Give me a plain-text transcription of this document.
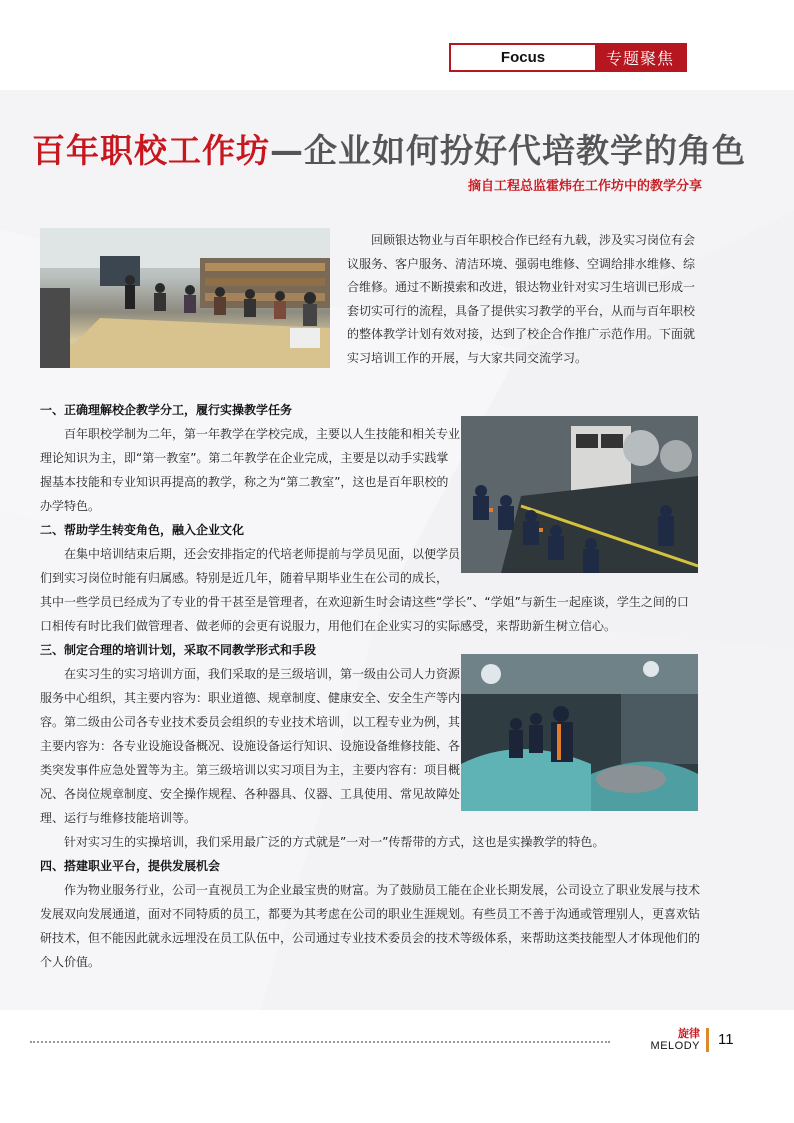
Focus	专题聚焦
百年职校工作坊—企业如何扮好代培教学的角色
摘自工程总监霍炜在工作坊中的教学分享

回顾银达物业与百年职校合作已经有九载，涉及实习岗位有会议服务、客户服务、清洁环境、强弱电维修、空调给排水维修、综合维修。通过不断摸索和改进，银达物业针对实习生培训已形成一套切实可行的流程，具备了提供实习教学的平台，从而与百年职校的整体教学计划有效对接，达到了校企合作推广示范作用。下面就实习培训工作的开展，与大家共同交流学习。

一、正确理解校企教学分工，履行实操教学任务

百年职校学制为二年，第一年教学在学校完成，主要以人生技能和相关专业理论知识为主，即“第一教室”。第二年教学在企业完成，主要是以动手实践掌握基本技能和专业知识再提高的教学，称之为“第二教室”，这也是百年职校的办学特色。

二、帮助学生转变角色，融入企业文化

在集中培训结束后期，还会安排指定的代培老师提前与学员见面，以便学员们到实习岗位时能有归属感。特别是近几年，随着早期毕业生在公司的成长，

其中一些学员已经成为了专业的骨干甚至是管理者，在欢迎新生时会请这些“学长”、“学姐”与新生一起座谈，学生之间的口口相传有时比我们做管理者、做老师的会更有说服力，用他们在企业实习的实际感受，来帮助新生树立信心。

三、制定合理的培训计划，采取不同教学形式和手段

在实习生的实习培训方面，我们采取的是三级培训，第一级由公司人力资源服务中心组织，其主要内容为：职业道德、规章制度、健康安全、安全生产等内容。第二级由公司各专业技术委员会组织的专业技术培训，以工程专业为例，其主要内容为：各专业设施设备概况、设施设备运行知识、设施设备维修技能、各类突发事件应急处置等为主。第三级培训以实习项目为主，主要内容有：项目概况、各岗位规章制度、安全操作规程、各种器具、仪器、工具使用、常见故障处理、运行与维修技能培训等。

针对实习生的实操培训，我们采用最广泛的方式就是”一对一”传帮带的方式，这也是实操教学的特色。

四、搭建职业平台，提供发展机会

作为物业服务行业，公司一直视员工为企业最宝贵的财富。为了鼓励员工能在企业长期发展，公司设立了职业发展与技术发展双向发展通道，面对不同特质的员工，都要为其考虑在公司的职业生涯规划。有些员工不善于沟通或管理别人，更喜欢钻研技术，但不能因此就永远埋没在员工队伍中，公司通过专业技术委员会的技术等级体系，来帮助这类技能型人才体现他们的个人价值。

旋律
MELODY 11
